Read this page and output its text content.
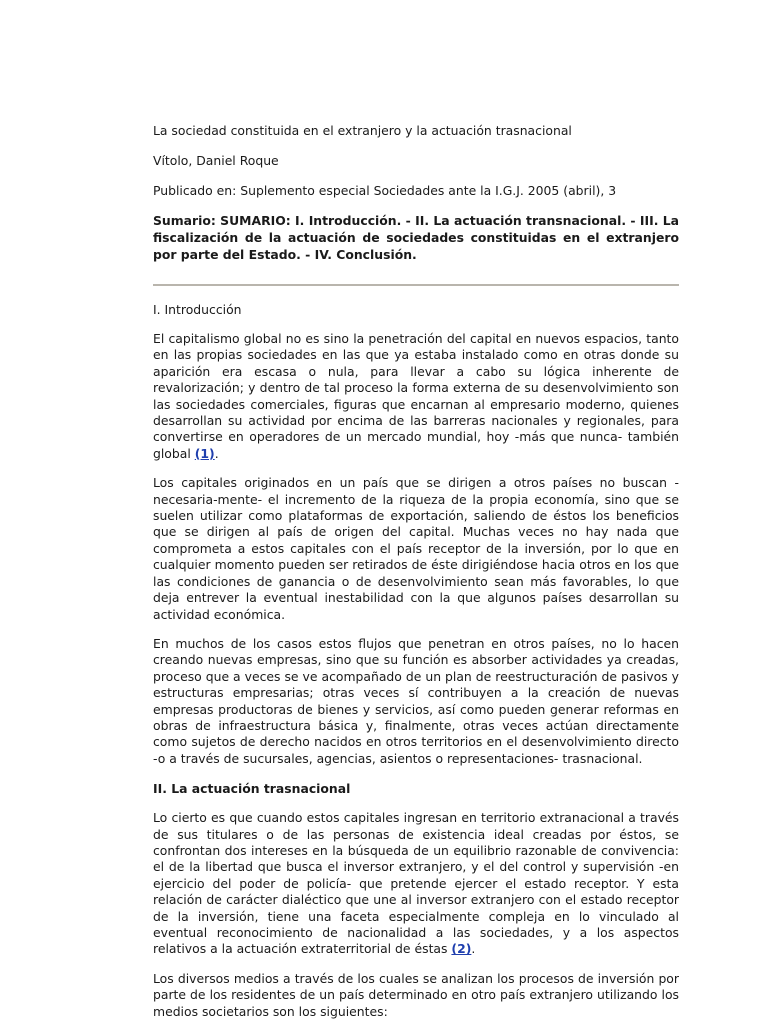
La sociedad constituida en el extranjero y la actuación trasnacional

Vítolo, Daniel Roque

Publicado en: Suplemento especial Sociedades ante la I.G.J. 2005 (abril), 3

Sumario: SUMARIO: I. Introducción. - II. La actuación transnacional. - III. La fiscalización de la actuación de sociedades constituidas en el extranjero por parte del Estado. - IV. Conclusión.

I. Introducción

El capitalismo global no es sino la penetración del capital en nuevos espacios, tanto en las propias sociedades en las que ya estaba instalado como en otras donde su aparición era escasa o nula, para llevar a cabo su lógica inherente de revalorización; y dentro de tal proceso la forma externa de su desenvolvimiento son las sociedades comerciales, figuras que encarnan al empresario moderno, quienes desarrollan su actividad por encima de las barreras nacionales y regionales, para convertirse en operadores de un mercado mundial, hoy -más que nunca- también global (1).

Los capitales originados en un país que se dirigen a otros países no buscan -necesaria-mente- el incremento de la riqueza de la propia economía, sino que se suelen utilizar como plataformas de exportación, saliendo de éstos los beneficios que se dirigen al país de origen del capital. Muchas veces no hay nada que comprometa a estos capitales con el país receptor de la inversión, por lo que en cualquier momento pueden ser retirados de éste dirigiéndose hacia otros en los que las condiciones de ganancia o de desenvolvimiento sean más favorables, lo que deja entrever la eventual inestabilidad con la que algunos países desarrollan su actividad económica.

En muchos de los casos estos flujos que penetran en otros países, no lo hacen creando nuevas empresas, sino que su función es absorber actividades ya creadas, proceso que a veces se ve acompañado de un plan de reestructuración de pasivos y estructuras empresarias; otras veces sí contribuyen a la creación de nuevas empresas productoras de bienes y servicios, así como pueden generar reformas en obras de infraestructura básica y, finalmente, otras veces actúan directamente como sujetos de derecho nacidos en otros territorios en el desenvolvimiento directo -o a través de sucursales, agencias, asientos o representaciones- trasnacional.

II. La actuación trasnacional

Lo cierto es que cuando estos capitales ingresan en territorio extranacional a través de sus titulares o de las personas de existencia ideal creadas por éstos, se confrontan dos intereses en la búsqueda de un equilibrio razonable de convivencia: el de la libertad que busca el inversor extranjero, y el del control y supervisión -en ejercicio del poder de policía- que pretende ejercer el estado receptor. Y esta relación de carácter dialéctico que une al inversor extranjero con el estado receptor de la inversión, tiene una faceta especialmente compleja en lo vinculado al eventual reconocimiento de nacionalidad a las sociedades, y a los aspectos relativos a la actuación extraterritorial de éstas (2).

Los diversos medios a través de los cuales se analizan los procesos de inversión por parte de los residentes de un país determinado en otro país extranjero utilizando los medios societarios son los siguientes:
